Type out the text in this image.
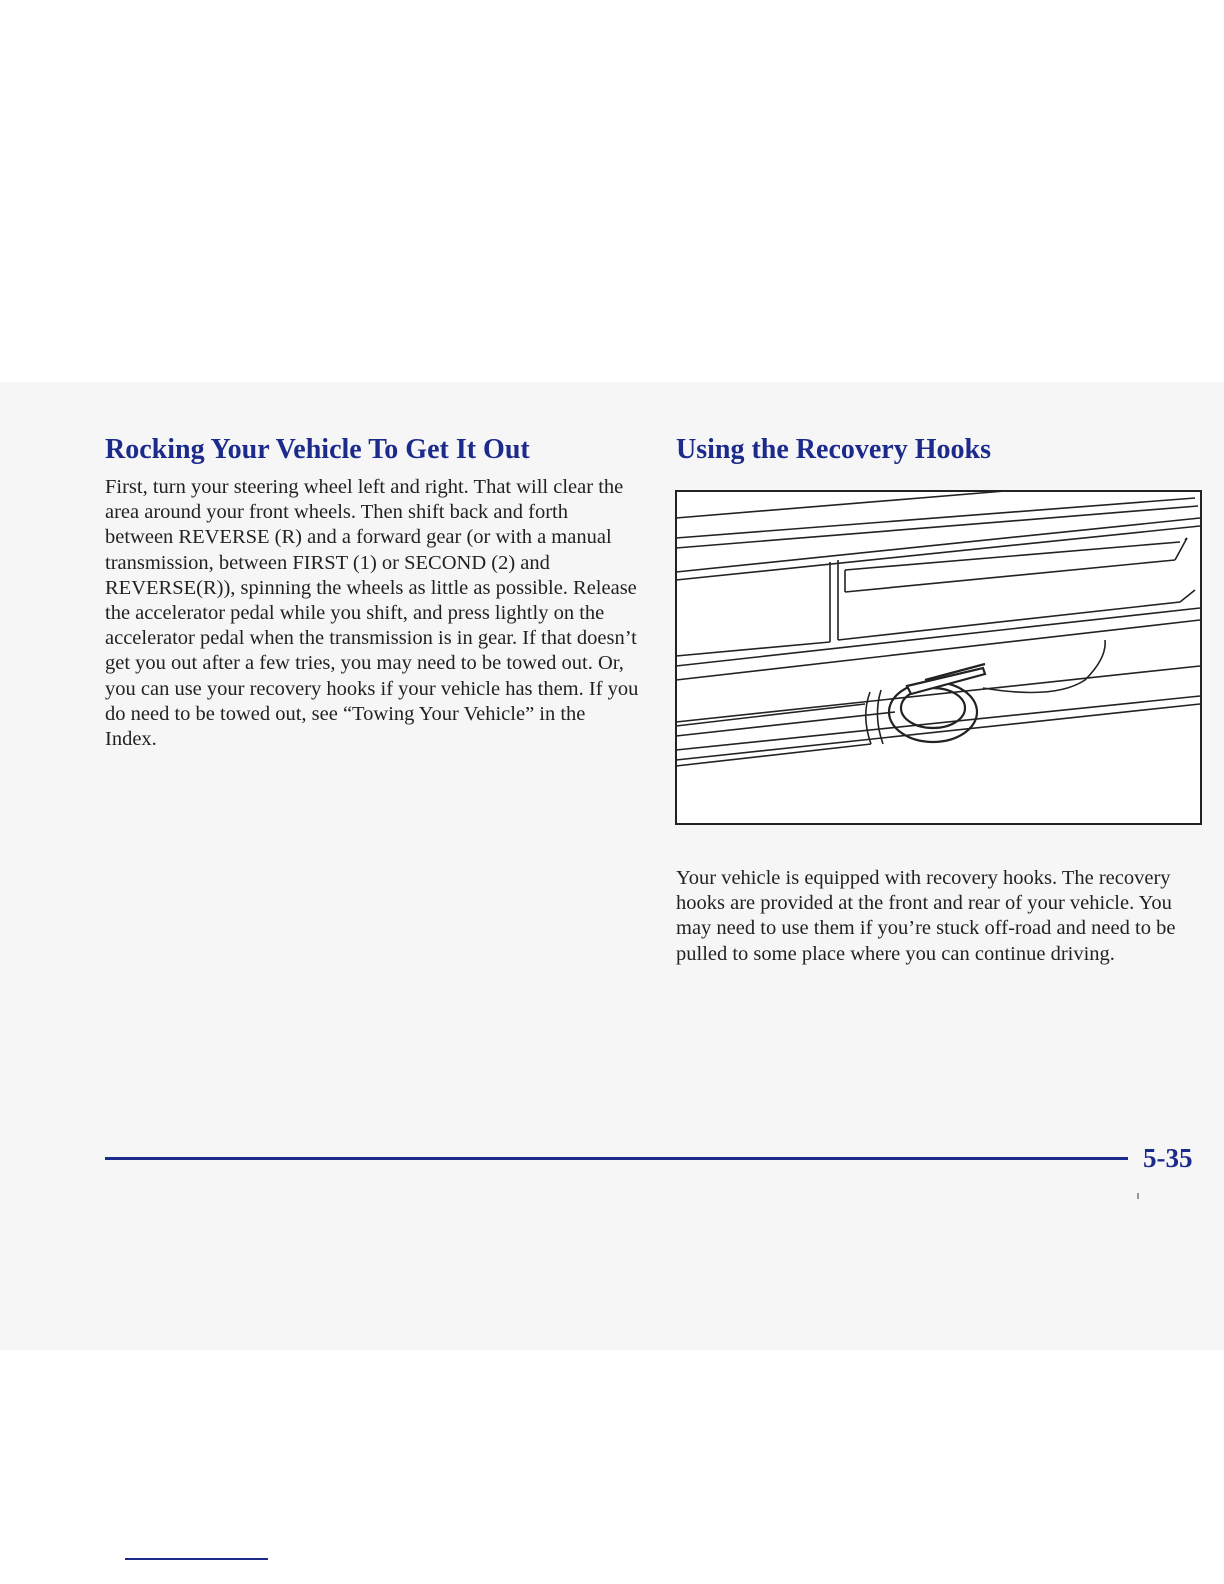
Rocking Your Vehicle To Get It Out

First, turn your steering wheel left and right. That will clear the area around your front wheels. Then shift back and forth between REVERSE (R) and a forward gear (or with a manual transmission, between FIRST (1) or SECOND (2) and REVERSE(R)), spinning the wheels as little as possible. Release the accelerator pedal while you shift, and press lightly on the accelerator pedal when the transmission is in gear. If that doesn’t get you out after a few tries, you may need to be towed out. Or, you can use your recovery hooks if your vehicle has them. If you do need to be towed out, see “Towing Your Vehicle” in the Index.

Using the Recovery Hooks

Your vehicle is equipped with recovery hooks. The recovery hooks are provided at the front and rear of your vehicle. You may need to use them if you’re stuck off-road and need to be pulled to some place where you can continue driving.

5-35
